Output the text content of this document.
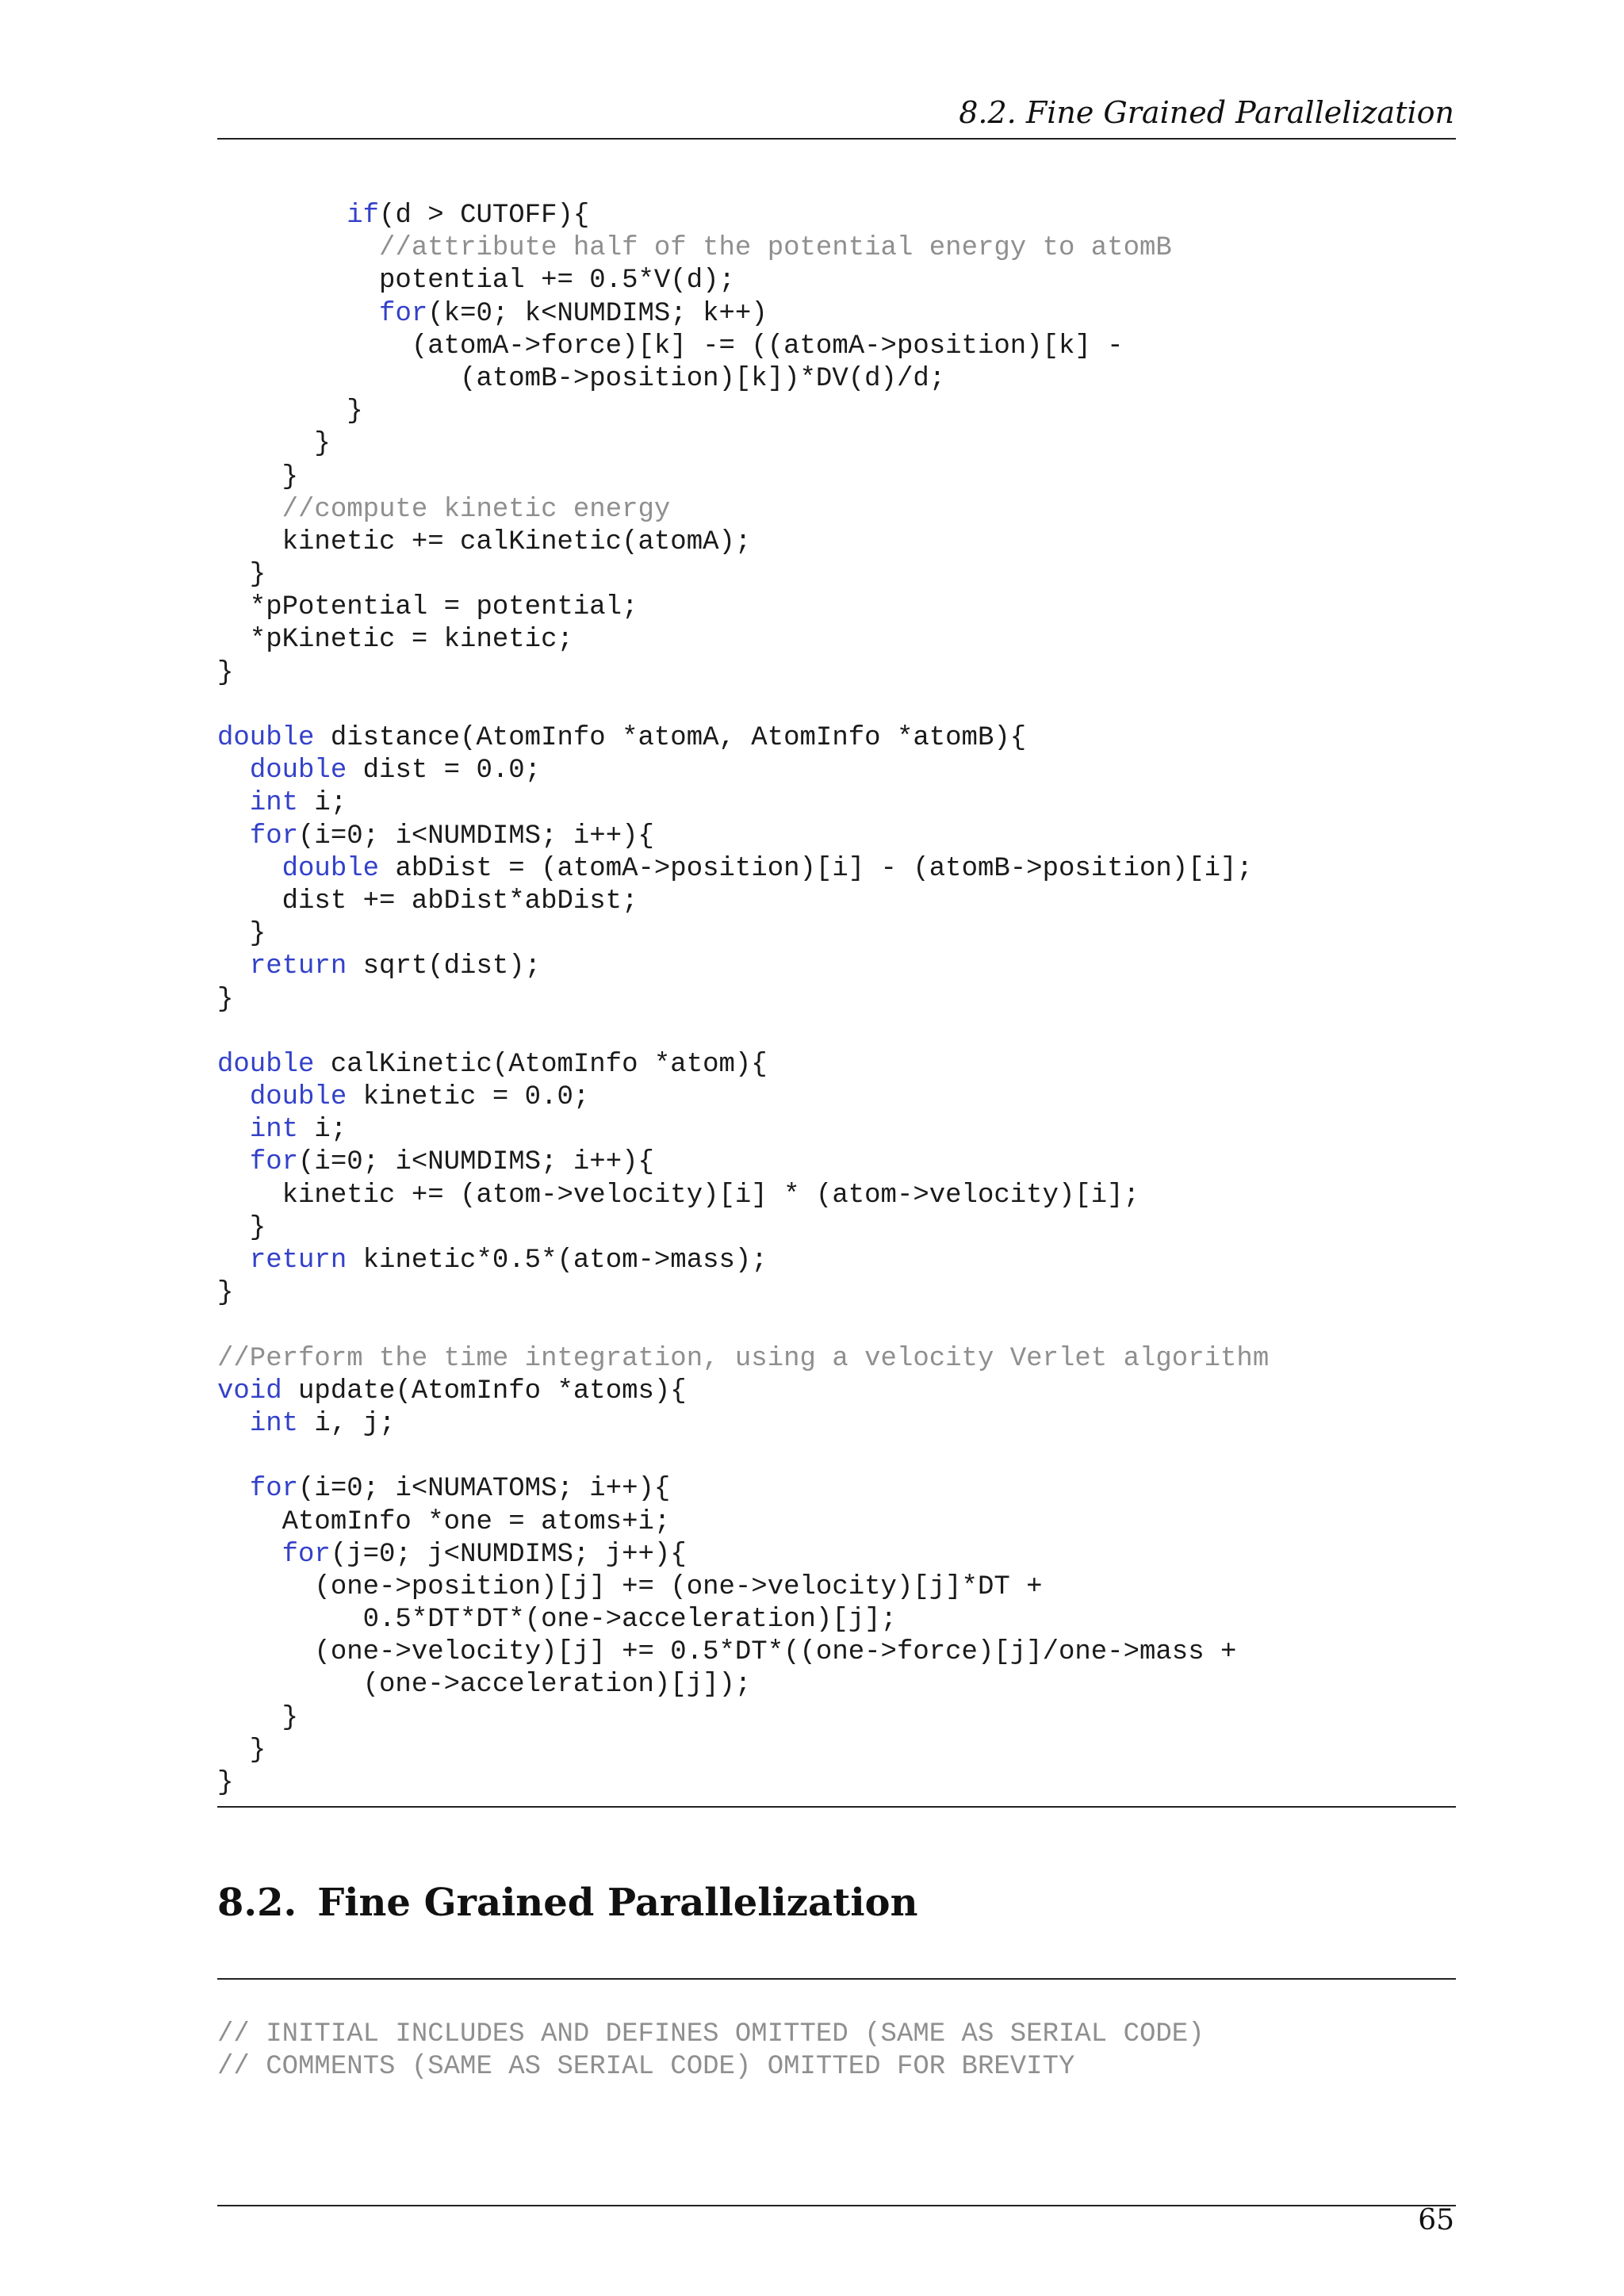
8.2. Fine Grained Parallelization
if(d > CUTOFF){
//attribute half of the potential energy to atomB
potential += 0.5*V(d);
for(k=0; k<NUMDIMS; k++)
(atomA->force)[k] -= ((atomA->position)[k] -
(atomB->position)[k])*DV(d)/d;
}
}
}
//compute kinetic energy
kinetic += calKinetic(atomA);
}
*pPotential = potential;
*pKinetic = kinetic;
}
double distance(AtomInfo *atomA, AtomInfo *atomB){
double dist = 0.0;
int i;
for(i=0; i<NUMDIMS; i++){
double abDist = (atomA->position)[i] - (atomB->position)[i];
dist += abDist*abDist;
}
return sqrt(dist);
}
double calKinetic(AtomInfo *atom){
double kinetic = 0.0;
int i;
for(i=0; i<NUMDIMS; i++){
kinetic += (atom->velocity)[i] * (atom->velocity)[i];
}
return kinetic*0.5*(atom->mass);
}
//Perform the time integration, using a velocity Verlet algorithm
void update(AtomInfo *atoms){
int i, j;
for(i=0; i<NUMATOMS; i++){
AtomInfo *one = atoms+i;
for(j=0; j<NUMDIMS; j++){
(one->position)[j] += (one->velocity)[j]*DT +
0.5*DT*DT*(one->acceleration)[j];
(one->velocity)[j] += 0.5*DT*((one->force)[j]/one->mass +
(one->acceleration)[j]);
}
}
}
8.2. Fine Grained Parallelization
// INITIAL INCLUDES AND DEFINES OMITTED (SAME AS SERIAL CODE)
// COMMENTS (SAME AS SERIAL CODE) OMITTED FOR BREVITY
65
